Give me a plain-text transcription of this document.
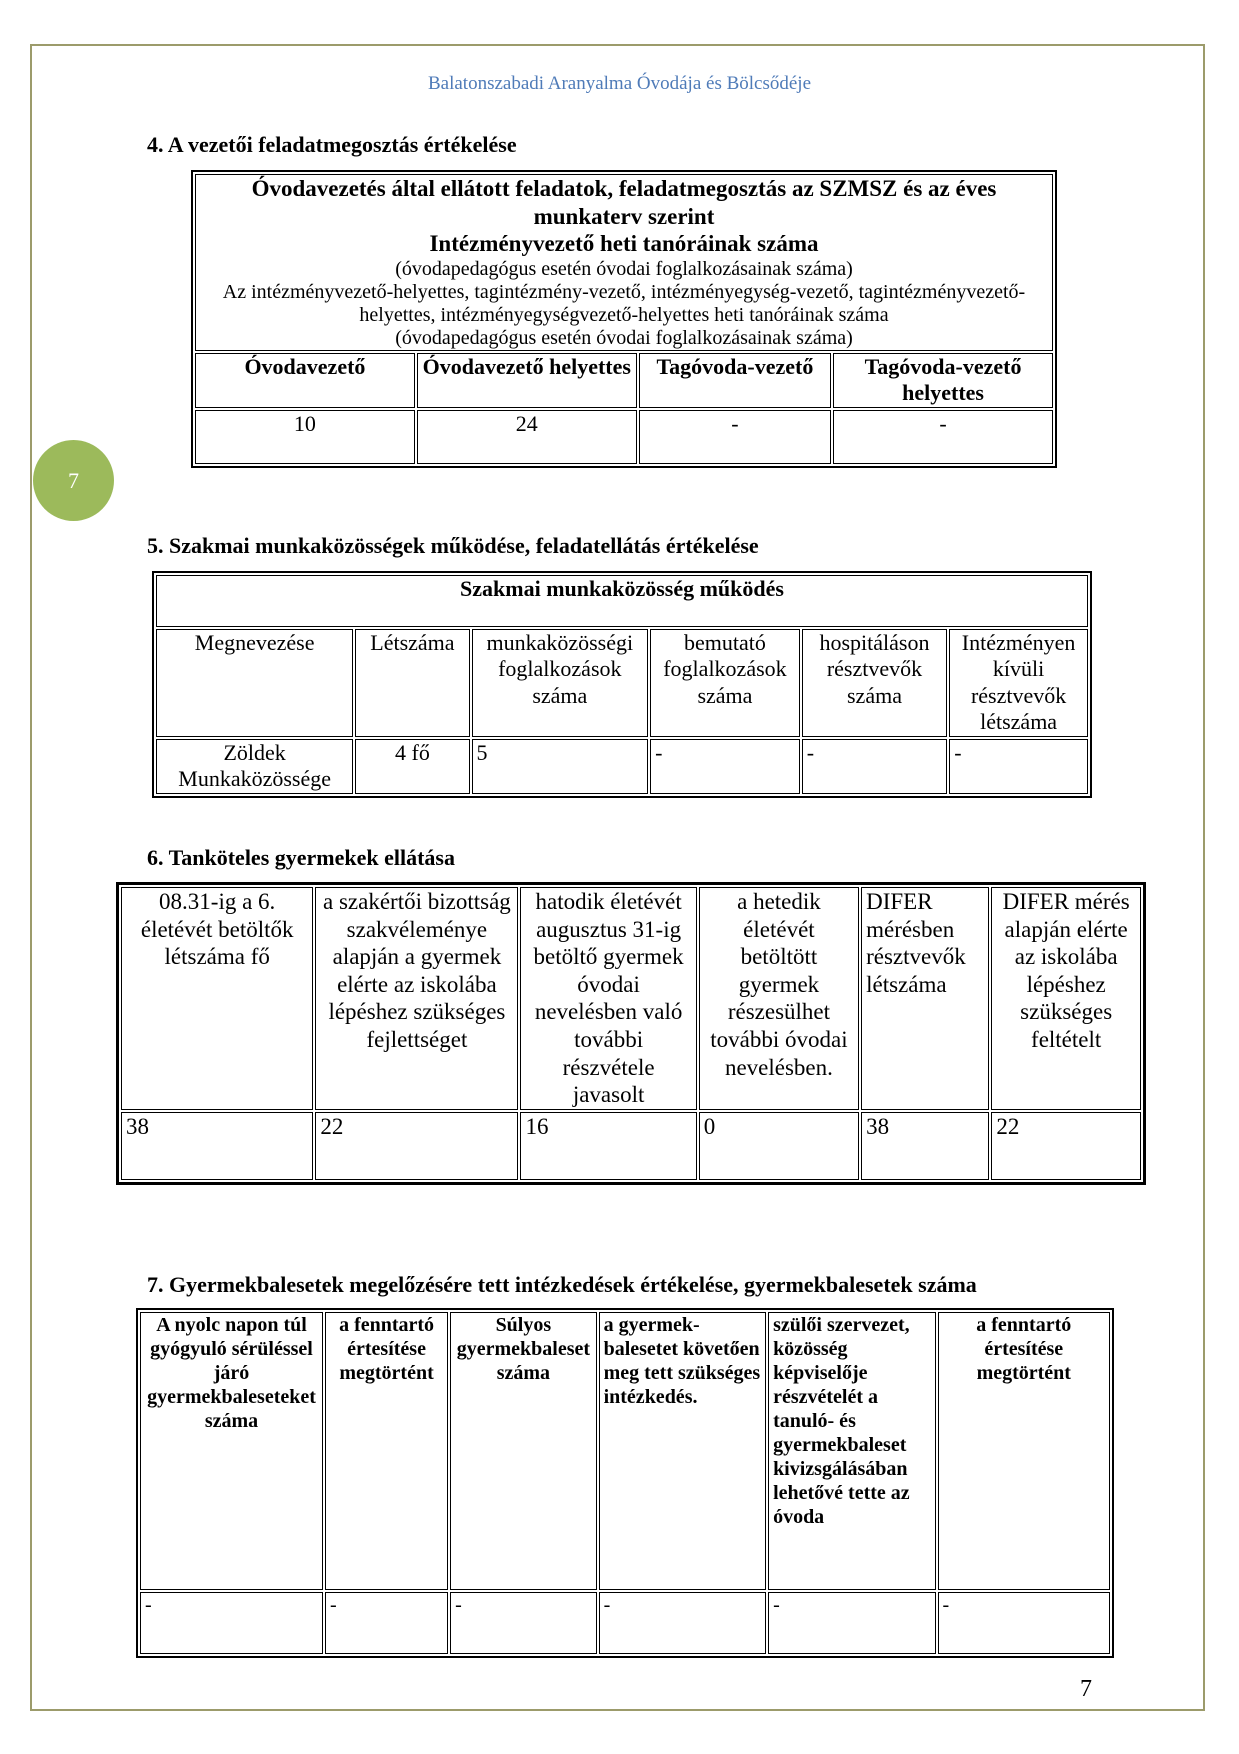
Balatonszabadi Aranyalma Óvodája és Bölcsődéje
7
4. A vezetői feladatmegosztás értékelése
Óvodavezetés által ellátott feladatok, feladatmegosztás az SZMSZ és az éves munkaterv szerint
Intézményvezető heti tanóráinak száma
(óvodapedagógus esetén óvodai foglalkozásainak száma)
Az intézményvezető-helyettes, tagintézmény-vezető, intézményegység-vezető, tagintézményvezető-helyettes, intézményegységvezető-helyettes heti tanóráinak száma
(óvodapedagógus esetén óvodai foglalkozásainak száma)			

Óvodavezető	Óvodavezető helyettes	Tagóvoda-vezető	Tagóvoda-vezető helyettes
10	24	-	-
5. Szakmai munkaközösségek működése, feladatellátás értékelése
Szakmai munkaközösség működés					
Megnevezése	Létszáma	munkaközösségi foglalkozások száma	bemutató foglalkozások száma	hospitáláson résztvevők száma	Intézményen kívüli résztvevők létszáma
Zöldek Munkaközössége	4 fő	5	-	-	-
6. Tanköteles gyermekek ellátása
08.31-ig a 6. életévét betöltők létszáma fő	a szakértői bizottság szakvéleménye alapján a gyermek elérte az iskolába lépéshez szükséges fejlettséget	hatodik életévét augusztus 31-ig betöltő gyermek óvodai nevelésben való további részvétele javasolt	a hetedik életévét betöltött gyermek részesülhet további óvodai nevelésben.	DIFER mérésben résztvevők létszáma	DIFER mérés alapján elérte az iskolába lépéshez szükséges feltételt
38	22	16	0	38	22
7. Gyermekbalesetek megelőzésére tett intézkedések értékelése, gyermekbalesetek száma
A nyolc napon túl gyógyuló sérüléssel járó gyermekbaleseteket száma	a fenntartó értesítése megtörtént	Súlyos gyermekbaleset száma	a gyermek-balesetet követően meg tett szükséges intézkedés.	szülői szervezet, közösség képviselője részvételét a tanuló- és gyermekbaleset kivizsgálásában lehetővé tette az óvoda	a fenntartó értesítése megtörtént
-	-	-	-	-	-
7
